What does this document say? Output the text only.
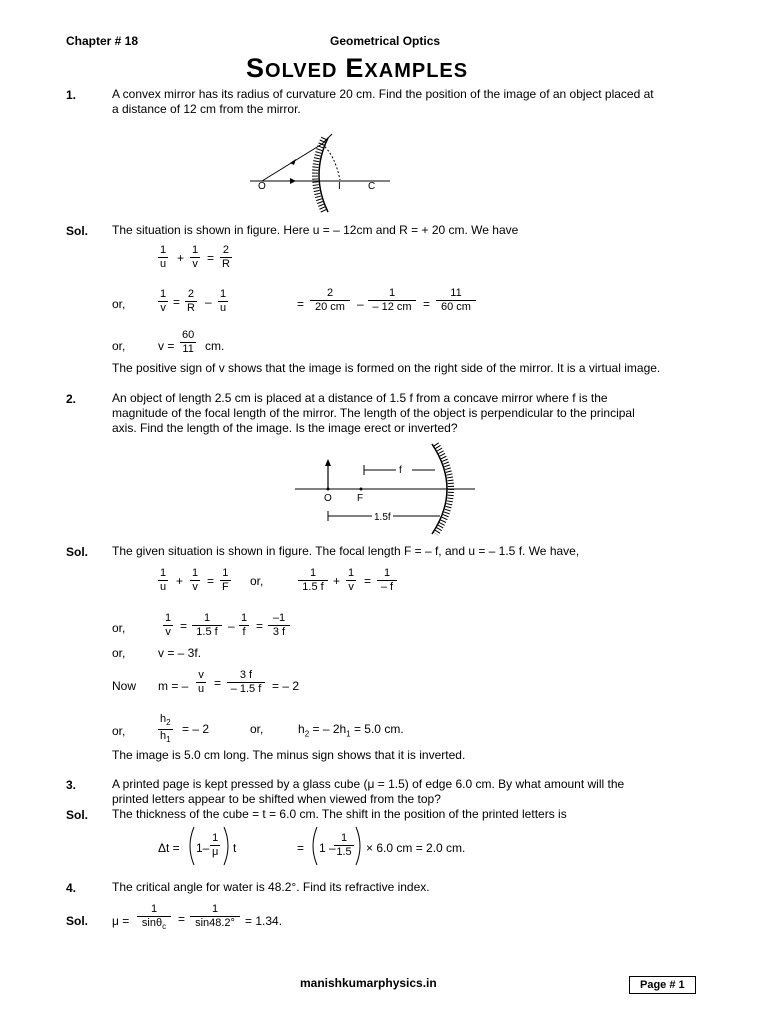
Chapter # 18	Geometrical Optics
SOLVED EXAMPLES
1.	A convex mirror has its radius of curvature 20 cm. Find the position of the image of an object placed at
a distance of 12 cm from the mirror.
O	I	C
Sol. The situation is shown in figure. Here u = – 12cm and R = + 20 cm. We have
$\frac{1}{u} + \frac{1}{v} = \frac{2}{R}$
or,	$\frac{1}{v} = \frac{2}{R} - \frac{1}{u}$	= $\frac{2}{20 cm} - \frac{1}{- 12 cm} = \frac{11}{60 cm}$
or,	$v = \frac{60}{11}$ cm.
The positive sign of v shows that the image is formed on the right side of the mirror. It is a virtual image.
2.	An object of length 2.5 cm is placed at a distance of 1.5 f from a concave mirror where f is the
magnitude of the focal length of the mirror. The length of the object is perpendicular to the principal
axis. Find the length of the image. Is the image erect or inverted?
f
O	F
1.5f
Sol. The given situation is shown in figure. The focal length F = – f, and u = – 1.5 f. We have,
$\frac{1}{u} + \frac{1}{v} = \frac{1}{F}$ or,	$\frac{1}{1.5 f} + \frac{1}{v} = \frac{1}{- f}$
or,	$\frac{1}{v} = \frac{1}{1.5 f} - \frac{1}{f} = \frac{-1}{3 f}$
or,	v = – 3f.
Now m = – $\frac{v}{u} = \frac{3 f}{- 1.5 f}$ = – 2
or,	$\frac{h_2}{h_1}$ = – 2	or,	$h_2$ = – $2h_1 = 5.0$ cm.
The image is 5.0 cm long. The minus sign shows that it is inverted.
3.	A printed page is kept pressed by a glass cube (μ = 1.5) of edge 6.0 cm. By what amount will the
printed letters appear to be shifted when viewed from the top?
Sol. The thickness of the cube = t = 6.0 cm. The shift in the position of the printed letters is
$\Delta t = 1- \frac{1}{\mu}$ t	= 1 –
$\frac{1}{1.5} \times 6.0$ cm = 2.0 cm.
4.	The critical angle for water is 48.2°. Find its refractive index.
Sol. $\mu = \frac{1}{\sin\theta_c} = \frac{1}{\sin 48.2^\circ} = 1.34$.
manishkumarphysics.in	Page # 1
